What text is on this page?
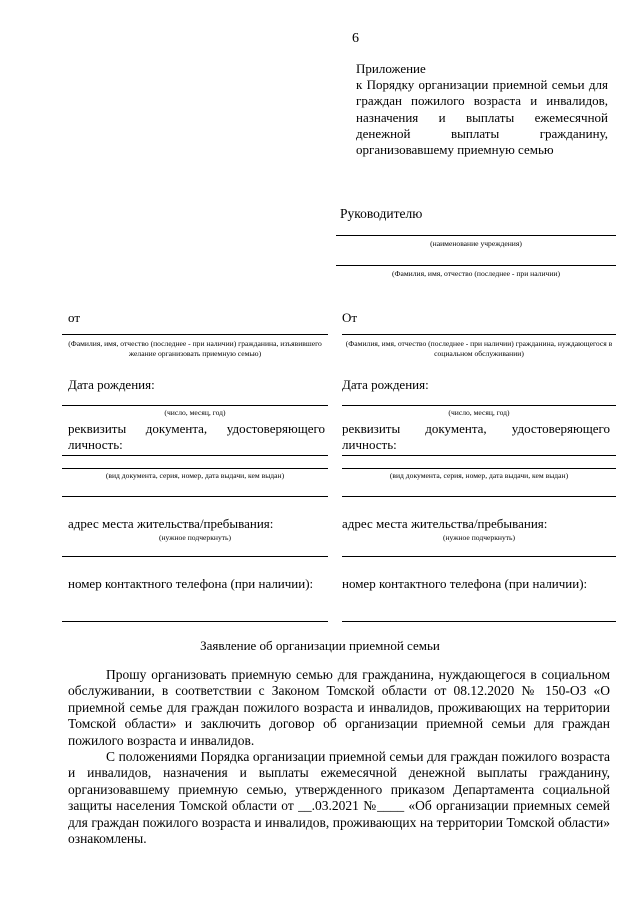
6
Приложение
к Порядку организации приемной семьи для граждан пожилого возраста и инвалидов, назначения и выплаты ежемесячной денежной выплаты гражданину, организовавшему приемную семью
Руководителю
(наименование учреждения)
(Фамилия, имя, отчество (последнее - при наличии)
от
(Фамилия, имя, отчество (последнее - при наличии) гражданина, изъявившего желание организовать приемную семью)
Дата рождения:
(число, месяц, год)
реквизиты документа, удостоверяющего личность:
(вид документа, серия, номер, дата выдачи, кем выдан)
адрес места жительства/пребывания:
(нужное подчеркнуть)
номер контактного телефона (при наличии):
От
(Фамилия, имя, отчество (последнее - при наличии) гражданина, нуждающегося в социальном обслуживании)
Дата рождения:
(число, месяц, год)
реквизиты документа, удостоверяющего личность:
(вид документа, серия, номер, дата выдачи, кем выдан)
адрес места жительства/пребывания:
(нужное подчеркнуть)
номер контактного телефона (при наличии):
Заявление об организации приемной семьи
Прошу организовать приемную семью для гражданина, нуждающегося в социальном обслуживании, в соответствии с Законом Томской области от 08.12.2020 № 150-ОЗ «О приемной семье для граждан пожилого возраста и инвалидов, проживающих на территории Томской области» и заключить договор об организации приемной семьи для граждан пожилого возраста и инвалидов.
С положениями Порядка организации приемной семьи для граждан пожилого возраста и инвалидов, назначения и выплаты ежемесячной денежной выплаты гражданину, организовавшему приемную семью, утвержденного приказом Департамента социальной защиты населения Томской области от __.03.2021 №____ «Об организации приемных семей для граждан пожилого возраста и инвалидов, проживающих на территории Томской области» ознакомлены.
